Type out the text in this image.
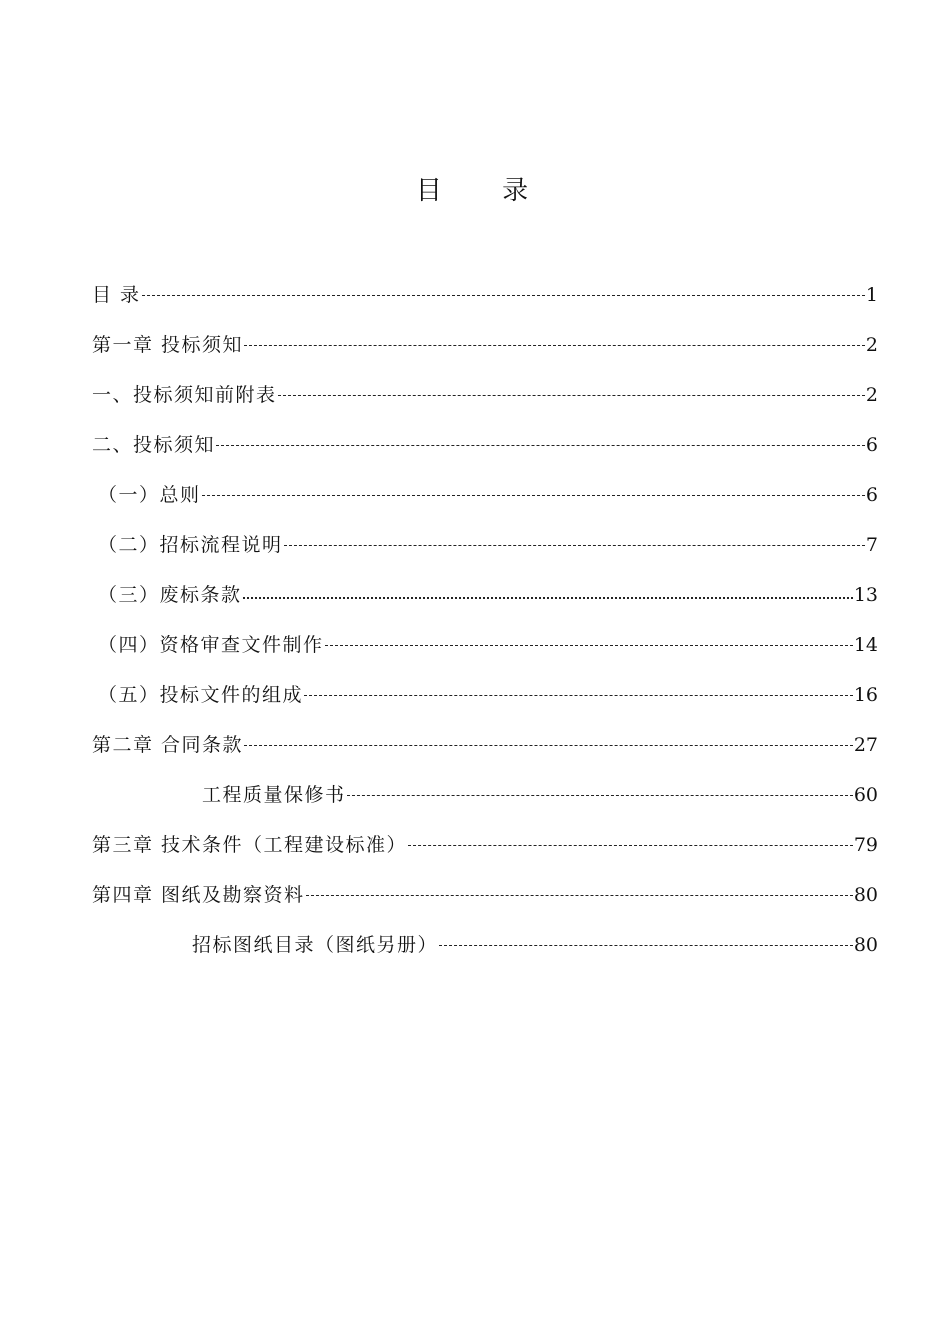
目 录
目 录	1
第一章 投标须知	2
一、投标须知前附表	2
二、投标须知	6
（一）总则	6
（二）招标流程说明	7
（三）废标条款	13
（四）资格审查文件制作	14
（五）投标文件的组成	16
第二章 合同条款	27
工程质量保修书	60
第三章 技术条件（工程建设标准）	79
第四章 图纸及勘察资料	80
招标图纸目录（图纸另册）	80
